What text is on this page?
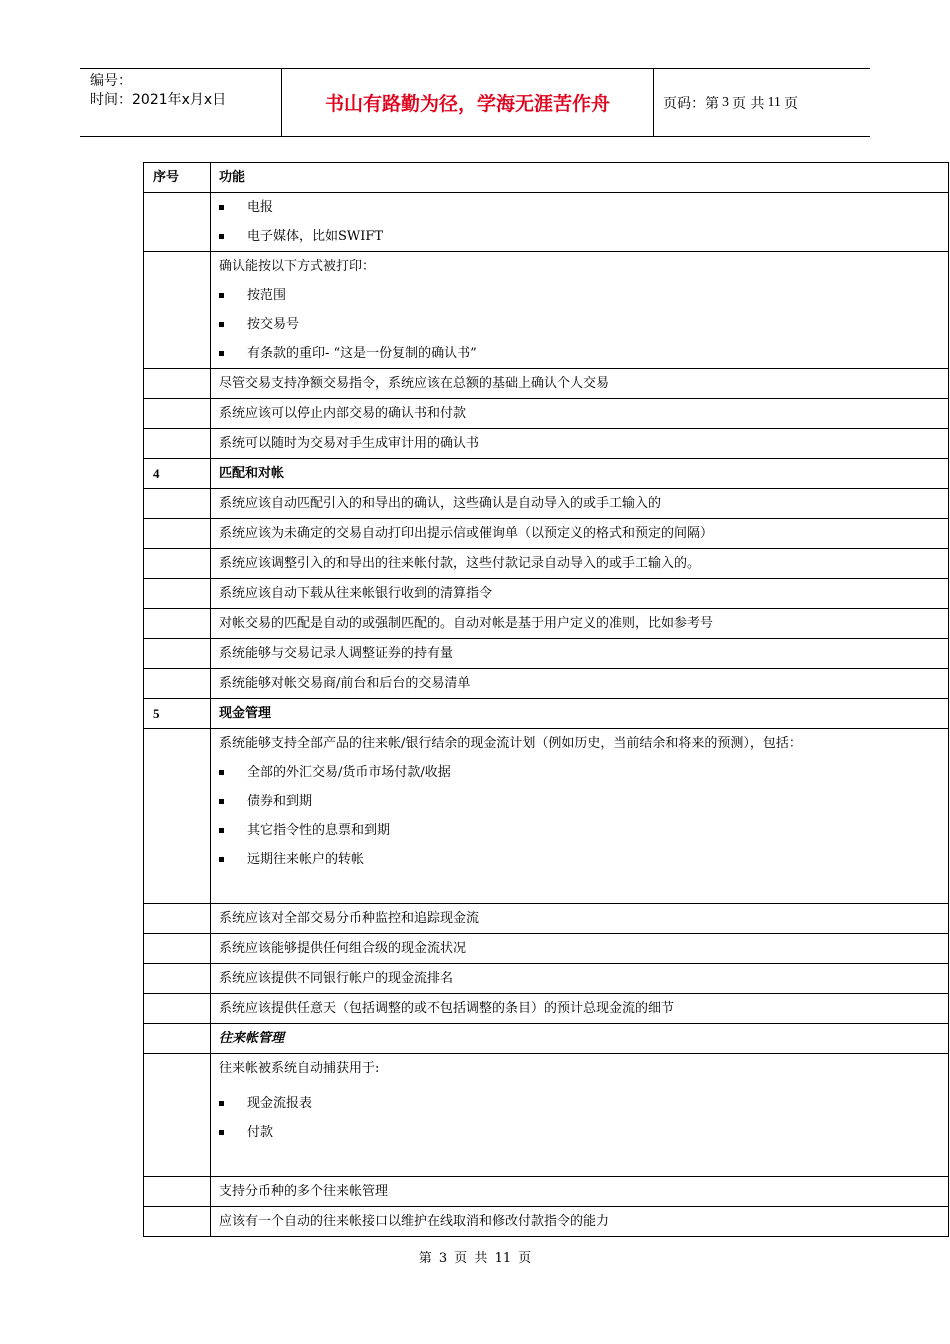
编号：
时间：2021年x月x日	书山有路勤为径，学海无涯苦作舟	页码：第 3 页 共 11 页
序号	功能

电报
电子媒体，比如SWIFT

	确认能按以下方式被打印：
按范围
按交易号
有条款的重印- “这是一份复制的确认书”

	尽管交易支持净额交易指令，系统应该在总额的基础上确认个人交易

	系统应该可以停止内部交易的确认书和付款

	系统可以随时为交易对手生成审计用的确认书

4	匹配和对帐

	系统应该自动匹配引入的和导出的确认，这些确认是自动导入的或手工输入的

	系统应该为未确定的交易自动打印出提示信或催询单（以预定义的格式和预定的间隔）

	系统应该调整引入的和导出的往来帐付款，这些付款记录自动导入的或手工输入的。

	系统应该自动下载从往来帐银行收到的清算指令

	对帐交易的匹配是自动的或强制匹配的。自动对帐是基于用户定义的准则，比如参考号

	系统能够与交易记录人调整证券的持有量

	系统能够对帐交易商/前台和后台的交易清单

5	现金管理

	系统能够支持全部产品的往来帐/银行结余的现金流计划（例如历史，当前结余和将来的预测），包括：
全部的外汇交易/货币市场付款/收据
债券和到期
其它指令性的息票和到期
远期往来帐户的转帐

	系统应该对全部交易分币种监控和追踪现金流

	系统应该能够提供任何组合级的现金流状况

	系统应该提供不同银行帐户的现金流排名

	系统应该提供任意天（包括调整的或不包括调整的条目）的预计总现金流的细节

	往来帐管理

	往来帐被系统自动捕获用于:
现金流报表
付款

	支持分币种的多个往来帐管理

	应该有一个自动的往来帐接口以维护在线取消和修改付款指令的能力
第 3 页 共 11 页
